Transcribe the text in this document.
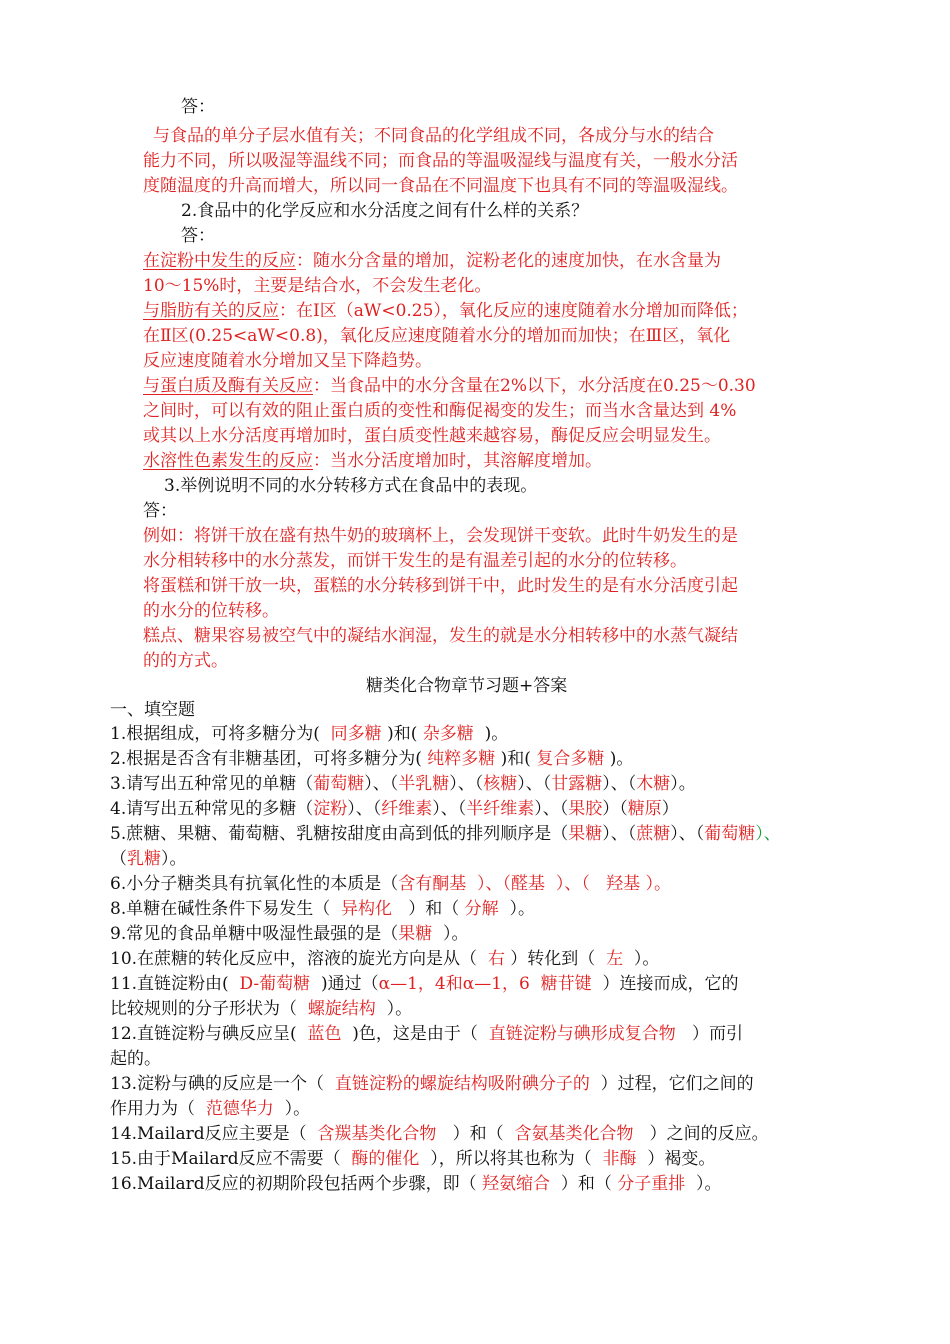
答：
与食品的单分子层水值有关；不同食品的化学组成不同，各成分与水的结合
能力不同，所以吸湿等温线不同；而食品的等温吸湿线与温度有关，一般水分活
度随温度的升高而增大，所以同一食品在不同温度下也具有不同的等温吸湿线。
2.食品中的化学反应和水分活度之间有什么样的关系？
答：
在淀粉中发生的反应：随水分含量的增加，淀粉老化的速度加快，在水含量为
10～15%时，主要是结合水，不会发生老化。
与脂肪有关的反应：在Ⅰ区（aW<0.25），氧化反应的速度随着水分增加而降低；
在Ⅱ区(0.25<aW<0.8)，氧化反应速度随着水分的增加而加快；在Ⅲ区，氧化
反应速度随着水分增加又呈下降趋势。
与蛋白质及酶有关反应：当食品中的水分含量在2%以下，水分活度在0.25～0.30
之间时，可以有效的阻止蛋白质的变性和酶促褐变的发生；而当水含量达到 4%
或其以上水分活度再增加时，蛋白质变性越来越容易，酶促反应会明显发生。
水溶性色素发生的反应：当水分活度增加时，其溶解度增加。
3.举例说明不同的水分转移方式在食品中的表现。
答：
例如：将饼干放在盛有热牛奶的玻璃杯上，会发现饼干变软。此时牛奶发生的是
水分相转移中的水分蒸发，而饼干发生的是有温差引起的水分的位转移。
将蛋糕和饼干放一块，蛋糕的水分转移到饼干中，此时发生的是有水分活度引起
的水分的位转移。
糕点、糖果容易被空气中的凝结水润湿，发生的就是水分相转移中的水蒸气凝结
的的方式。
糖类化合物章节习题+答案
一、填空题
1.根据组成，可将多糖分为( 同多糖 )和( 杂多糖 )。
2.根据是否含有非糖基团，可将多糖分为( 纯粹多糖 )和( 复合多糖 )。
3.请写出五种常见的单糖（葡萄糖）、（半乳糖）、（核糖）、（甘露糖）、（木糖）。
4.请写出五种常见的多糖（淀粉）、（纤维素）、（半纤维素）、（果胶）（糖原）
5.蔗糖、果糖、葡萄糖、乳糖按甜度由高到低的排列顺序是（果糖）、（蔗糖）、（葡萄糖）、
（乳糖）。
6.小分子糖类具有抗氧化性的本质是（含有酮基 ）、（醛基 ）、（ 羟基 ）。
8.单糖在碱性条件下易发生（ 异构化 ）和（ 分解 ）。
9.常见的食品单糖中吸湿性最强的是（果糖 ）。
10.在蔗糖的转化反应中，溶液的旋光方向是从（ 右 ）转化到（ 左 ）。
11.直链淀粉由( D-葡萄糖 )通过（α—1，4和α—1，6  糖苷键 ）连接而成，它的
比较规则的分子形状为（ 螺旋结构 ）。
12.直链淀粉与碘反应呈( 蓝色 )色，这是由于（ 直链淀粉与碘形成复合物 ）而引
起的。
13.淀粉与碘的反应是一个（ 直链淀粉的螺旋结构吸附碘分子的 ）过程，它们之间的
作用力为（ 范德华力 ）。
14.Mailard反应主要是（ 含羰基类化合物 ）和（ 含氨基类化合物 ）之间的反应。
15.由于Mailard反应不需要（ 酶的催化 ），所以将其也称为（ 非酶 ）褐变。
16.Mailard反应的初期阶段包括两个步骤，即（ 羟氨缩合 ）和（ 分子重排 ）。
